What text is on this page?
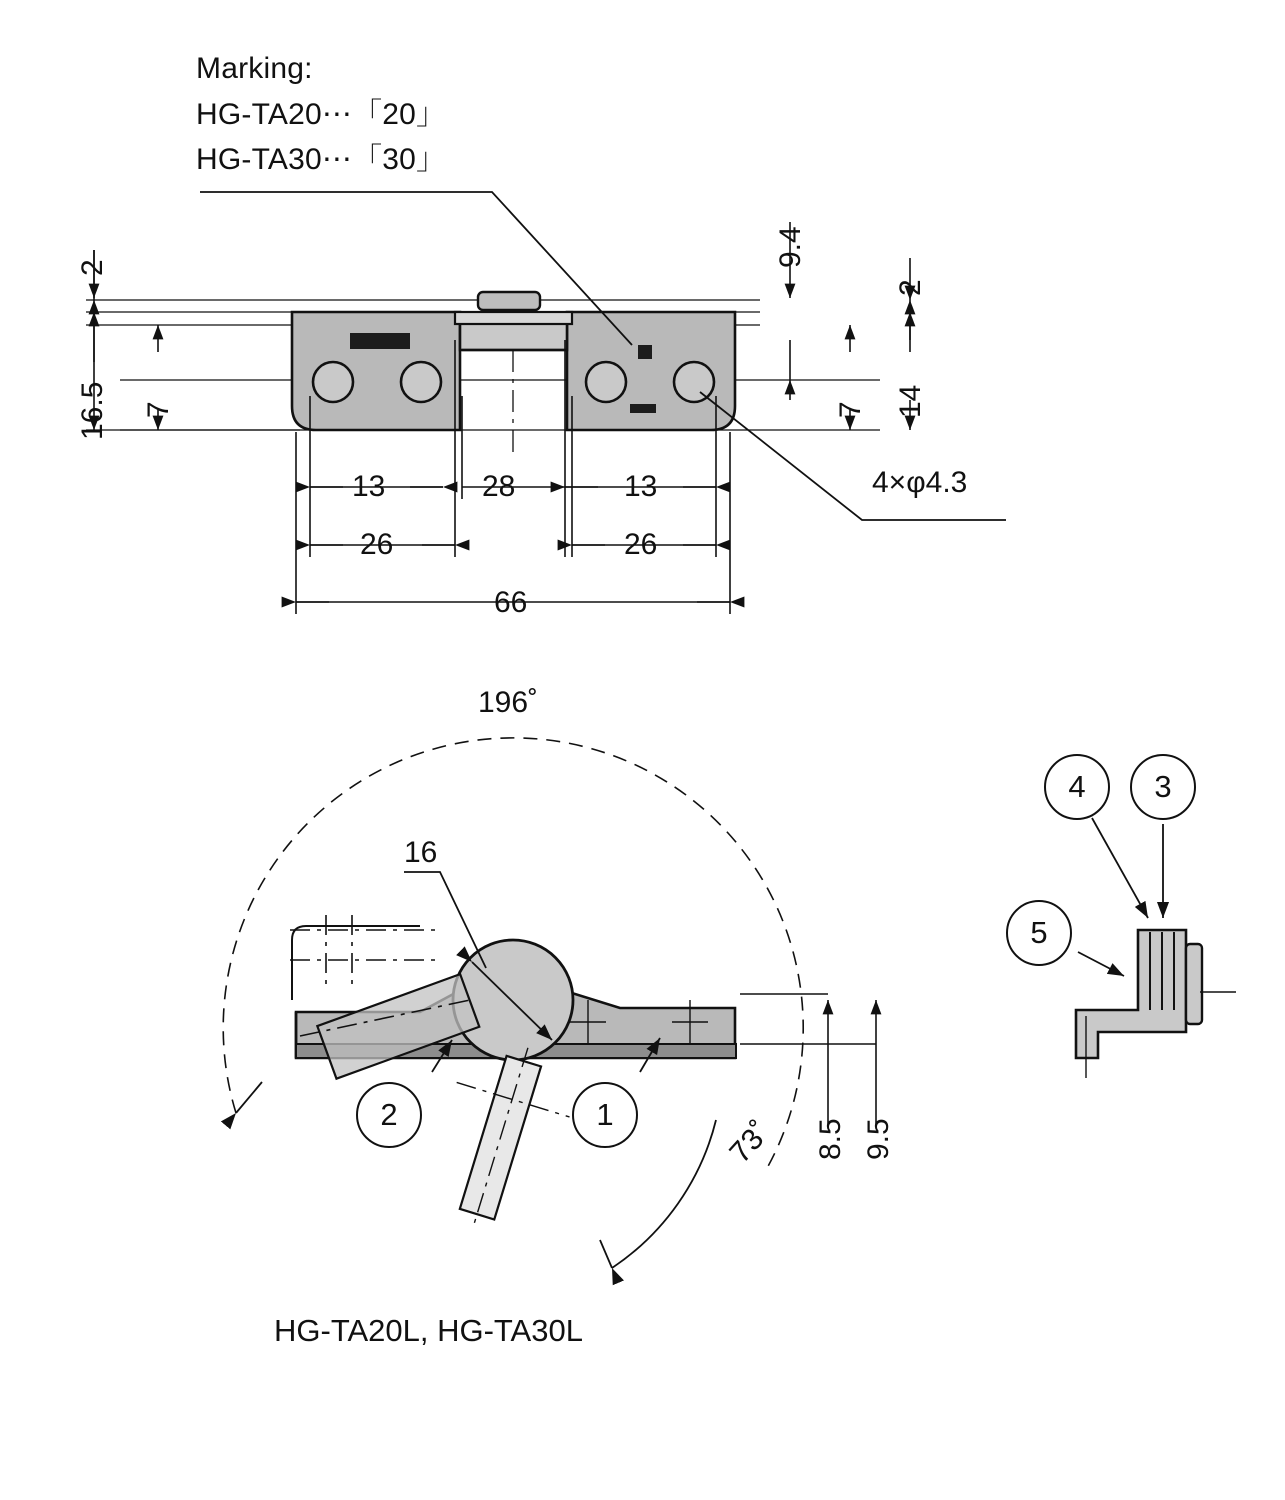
Marking:
HG-TA20⋯「20」
HG-TA30⋯「30」
2
16.5 7
9.4
2
14
7
13	28	13
26	26
66
4×φ4.3
196˚
16
8.5 9.5
73˚
2	1
4	3
5
HG-TA20L, HG-TA30L
